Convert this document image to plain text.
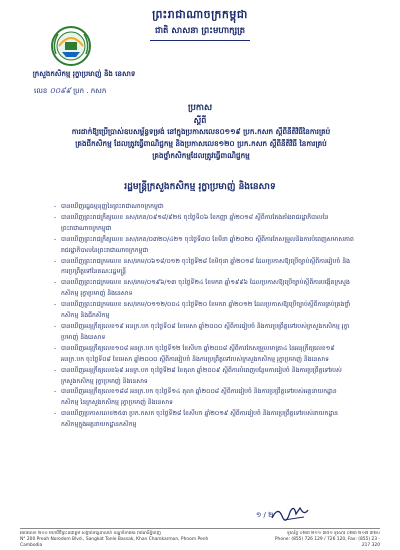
ព្រះរាជាណាចក្រកម្ពុជា
ជាតិ សាសនា ព្រះមហាក្សត្រ
ក្រសួងកសិកម្ម រុក្ខាប្រមាញ់ និង នេសាទ
លេខ ០០៩៩ ប្រក . កសក
ប្រកាស
ស្តីពី
ការដាក់ឱ្យប្រើប្រាស់ឧបសម្ព័ន្ធទម្រង់ នៅក្នុងប្រកាសលេខ០១១៩ ប្រក.កសក ស្តីពីនីតិវិធីនៃការគ្រប់គ្រងជីកសិកម្ម ដែលត្រូវធ្វើពាណិជ្ជកម្ម និងប្រកាសលេខ១២០ ប្រក.កសក ស្តីពីនីតិវិធី នៃការគ្រប់គ្រងថ្នាំកសិកម្មដែលត្រូវធ្វើពាណិជ្ជកម្ម
រដ្ឋមន្ត្រីក្រសួងកសិកម្ម រុក្ខាប្រមាញ់ និងនេសាទ
- បានឃើញរដ្ឋធម្មនុញ្ញនៃព្រះរាជាណាចក្រកម្ពុជា
- បានឃើញព្រះរាជក្រឹត្យលេខ នស/រកត/០៩១៨/៩២៥ ចុះថ្ងៃទី០៦ ខែកញ្ញា ឆ្នាំ២០១៨ ស្តីពីការតែងតាំងរាជរដ្ឋាភិបាលនៃព្រះរាជាណាចក្រកម្ពុជា
- បានឃើញព្រះរាជក្រឹត្យលេខ នស/រកត/០៣២០/៤២១ ចុះថ្ងៃទី៣០ ខែមីនា ឆ្នាំ២០២០ ស្តីពីការកែសម្រួលនិងការបំពេញសមាសភាពរាជរដ្ឋាភិបាលនៃព្រះរាជាណាចក្រកម្ពុជា
- បានឃើញព្រះរាជក្រមលេខ នស/រកម/០៦១៨/០១២ ចុះថ្ងៃទី២៨ ខែមិថុនា ឆ្នាំ២០១៨ ដែលប្រកាសឱ្យប្រើច្បាប់ស្តីពីការរៀបចំ និងការប្រព្រឹត្តទៅនៃគណៈរដ្ឋមន្ត្រី
- បានឃើញព្រះរាជក្រមលេខ នស/រកម/០១៩៦/១៣ ចុះថ្ងៃទី២៤ ខែមករា ឆ្នាំ១៩៩៦ ដែលប្រកាសឱ្យប្រើច្បាប់ស្តីពីការបង្កើតក្រសួងកសិកម្ម រុក្ខាប្រមាញ់ និងនេសាទ
- បានឃើញព្រះរាជក្រមលេខ នស/រកម/០១១២/០០៤ ចុះថ្ងៃទី២០ ខែមករា ឆ្នាំ២០១២ ដែលប្រកាសឱ្យប្រើច្បាប់ស្តីពីការគ្រប់គ្រងថ្នាំកសិកម្ម និងជីកសិកម្ម
- បានឃើញអនុក្រឹត្យលេខ១៩ អនក្រ.បក ចុះថ្ងៃទី០៨ ខែមេសា ឆ្នាំ២០០០ ស្តីពីការរៀបចំ និងការប្រព្រឹត្តទៅរបស់ក្រសួងកសិកម្ម រុក្ខាប្រមាញ់ និងនេសាទ
- បានឃើញអនុក្រឹត្យលេខ១០៨ អនក្រ.បក ចុះថ្ងៃទី១២ ខែសីហា ឆ្នាំ២០០៨ ស្តីពីការកែសម្រួលមាត្រា៤ នៃអនុក្រឹត្យលេខ១៩ អនក្រ.បក ចុះថ្ងៃទី០៨ ខែមេសា ឆ្នាំ២០០០ ស្តីពីការរៀបចំ និងការប្រព្រឹត្តទៅរបស់ក្រសួងកសិកម្ម រុក្ខាប្រមាញ់ និងនេសាទ
- បានឃើញអនុក្រឹត្យលេខ៦៩ អនក្រ.បក ចុះថ្ងៃទី២៨ ខែតុលា ឆ្នាំ២០០៩ ស្តីពីការបំពេញបន្ថែមការរៀបចំ និងការប្រព្រឹត្តទៅរបស់ក្រសួងកសិកម្ម រុក្ខាប្រមាញ់ និងនេសាទ
- បានឃើញអនុក្រឹត្យលេខ១៨៨ អនក្រ.បក ចុះថ្ងៃទី១៤ តុលា ឆ្នាំ២០០៨ ស្តីពីការរៀបចំ និងការប្រព្រឹត្តទៅរបស់អគ្គនាយកដ្ឋានកសិកម្ម នៃក្រសួងកសិកម្ម រុក្ខាប្រមាញ់ និងនេសាទ
- បានឃើញប្រកាសលេខ២៥៣ ប្រក.កសក ចុះថ្ងៃទី២៨ ខែសីហា ឆ្នាំ២០១៩ ស្តីពីការរៀបចំ និងការប្រព្រឹត្តទៅរបស់នាយកដ្ឋានកសិកម្មក្នុងអគ្គនាយកដ្ឋានកសិកម្ម
១ / ២
អគារលេខ ២០០ មហាវិថីព្រះនរោត្តម សង្កាត់ទន្លេបាសាក់ ខណ្ឌចំការមន រាជធានីភ្នំពេញ
N° 200 Preah Norodom Blvd., Sangkat Tonle Bassak, Khan Chamkarmon, Phnom Penh Cambodia
ទូរស័ព្ទ ០២៣ ២១១ ៣៥១ ទូរសារ ០២៣ ២១៧ ៣២០
Phone: (855) 726 129 / 726 120, Fax: (855) 23 - 217 320
